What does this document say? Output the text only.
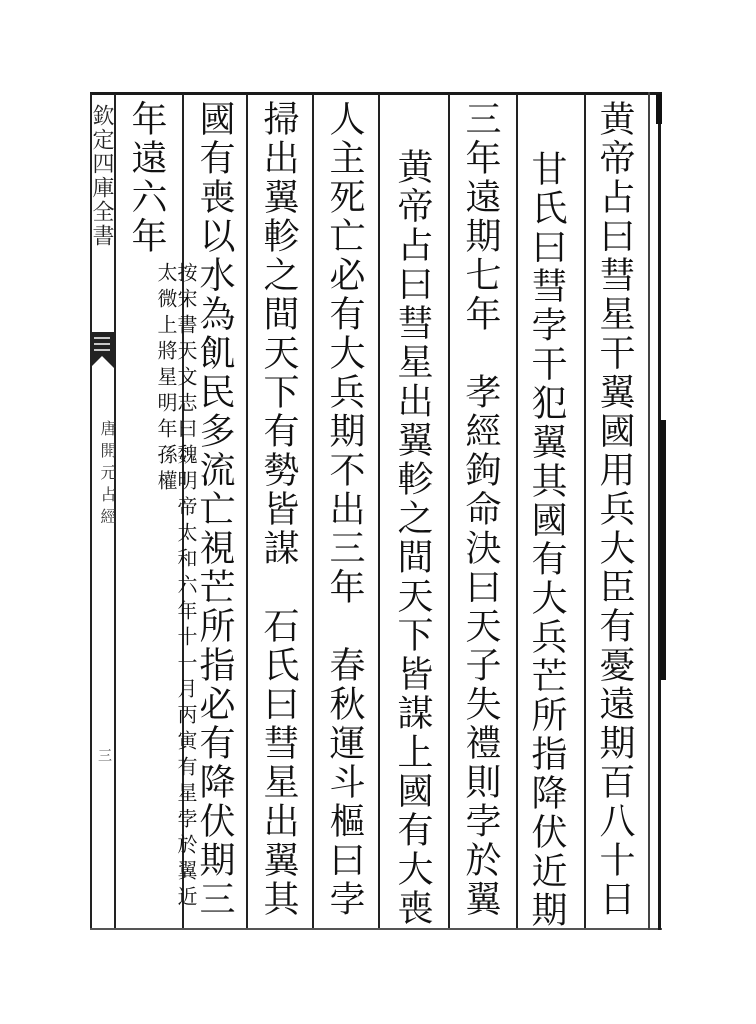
欽定四庫全書
唐開元占經
三	黄帝占曰彗星干翼國用兵大臣有憂遠期百八十日
甘氏曰彗孛干犯翼其國有大兵芒所指降伏近期
三年遠期七年　孝經鉤命決曰天子失禮則孛於翼
黄帝占曰彗星出翼軫之間天下皆謀上國有大喪
人主死亡必有大兵期不出三年　春秋運斗樞曰孛
掃出翼軫之間天下有勢皆謀　石氏曰彗星出翼其
國有喪以水為飢民多流亡視芒所指必有降伏期三
年遠六年
按宋書天文志曰魏明帝太和六年十一月丙寅有星孛於翼近太微上將星明年孫權
